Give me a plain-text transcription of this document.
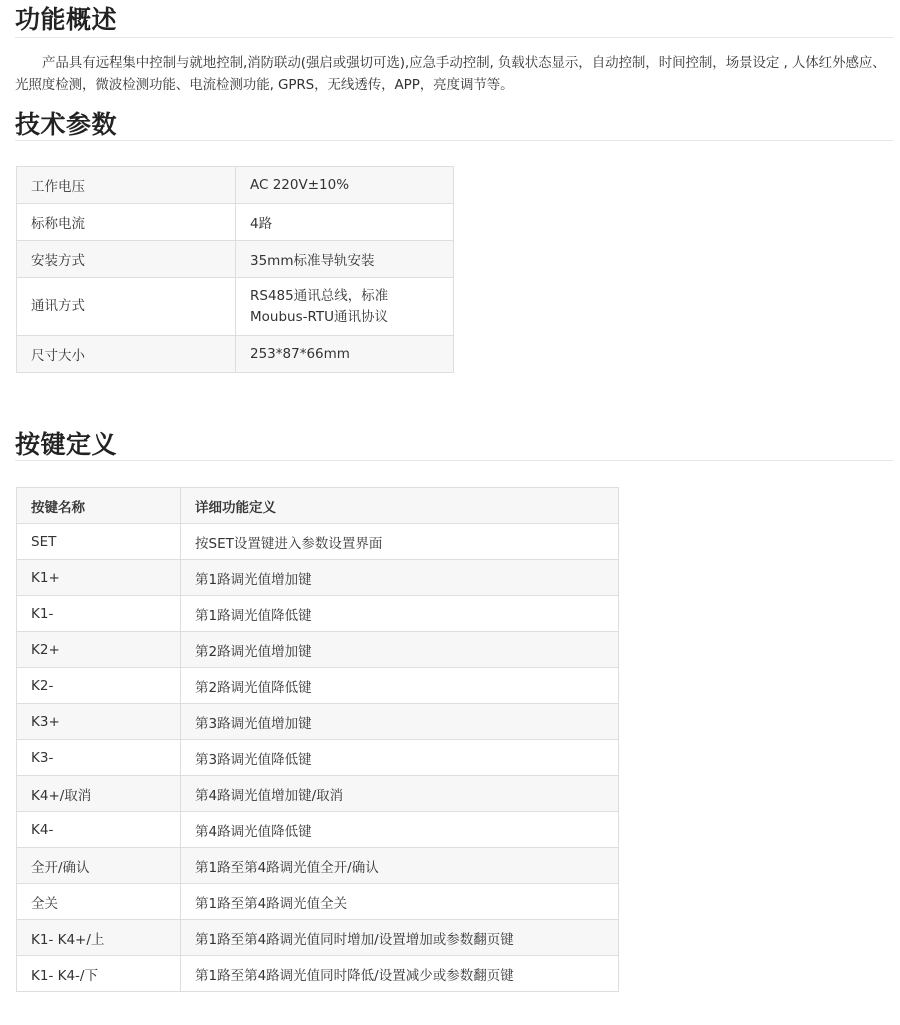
功能概述

产品具有远程集中控制与就地控制,消防联动(强启或强切可选),应急手动控制, 负载状态显示，自动控制，时间控制，场景设定 , 人体红外感应、光照度检测，微波检测功能、电流检测功能, GPRS，无线透传，APP，亮度调节等。

技术参数
工作电压	AC 220V±10%
标称电流	4路
安装方式	35mm标准导轨安装
通讯方式	RS485通讯总线，标准
Moubus-RTU通讯协议

尺寸大小	253*87*66mm
按键定义
按键名称	详细功能定义
SET	按SET设置键进入参数设置界面
K1+	第1路调光值增加键
K1-	第1路调光值降低键
K2+	第2路调光值增加键
K2-	第2路调光值降低键
K3+	第3路调光值增加键
K3-	第3路调光值降低键
K4+/取消	第4路调光值增加键/取消
K4-	第4路调光值降低键
全开/确认	第1路至第4路调光值全开/确认
全关	第1路至第4路调光值全关
K1- K4+/上	第1路至第4路调光值同时增加/设置增加或参数翻页键
K1- K4-/下	第1路至第4路调光值同时降低/设置减少或参数翻页键
